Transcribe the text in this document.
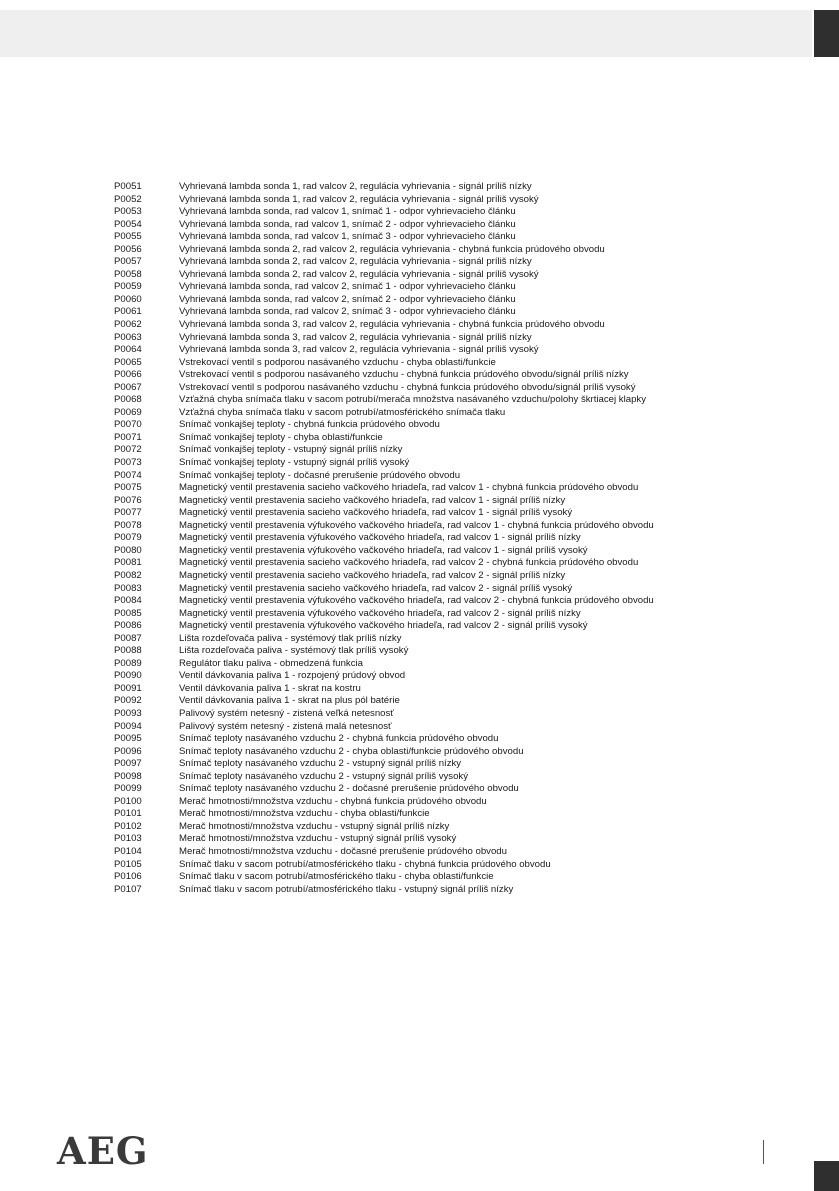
P0051	Vyhrievaná lambda sonda 1, rad valcov 2, regulácia vyhrievania - signál príliš nízky
P0052	Vyhrievaná lambda sonda 1, rad valcov 2, regulácia vyhrievania - signál príliš vysoký
P0053	Vyhrievaná lambda sonda, rad valcov 1, snímač 1 - odpor vyhrievacieho článku
P0054	Vyhrievaná lambda sonda, rad valcov 1, snímač 2 - odpor vyhrievacieho článku
P0055	Vyhrievaná lambda sonda, rad valcov 1, snímač 3 - odpor vyhrievacieho článku
P0056	Vyhrievaná lambda sonda 2, rad valcov 2, regulácia vyhrievania - chybná funkcia prúdového obvodu
P0057	Vyhrievaná lambda sonda 2, rad valcov 2, regulácia vyhrievania - signál príliš nízky
P0058	Vyhrievaná lambda sonda 2, rad valcov 2, regulácia vyhrievania - signál príliš vysoký
P0059	Vyhrievaná lambda sonda, rad valcov 2, snímač 1 - odpor vyhrievacieho článku
P0060	Vyhrievaná lambda sonda, rad valcov 2, snímač 2 - odpor vyhrievacieho článku
P0061	Vyhrievaná lambda sonda, rad valcov 2, snímač 3 - odpor vyhrievacieho článku
P0062	Vyhrievaná lambda sonda 3, rad valcov 2, regulácia vyhrievania - chybná funkcia prúdového obvodu
P0063	Vyhrievaná lambda sonda 3, rad valcov 2, regulácia vyhrievania - signál príliš nízky
P0064	Vyhrievaná lambda sonda 3, rad valcov 2, regulácia vyhrievania - signál príliš vysoký
P0065	Vstrekovací ventil s podporou nasávaného vzduchu - chyba oblasti/funkcie
P0066	Vstrekovací ventil s podporou nasávaného vzduchu - chybná funkcia prúdového obvodu/signál príliš nízky
P0067	Vstrekovací ventil s podporou nasávaného vzduchu - chybná funkcia prúdového obvodu/signál príliš vysoký
P0068	Vzťažná chyba snímača tlaku v sacom potrubí/merača množstva nasávaného vzduchu/polohy škrtiacej klapky
P0069	Vzťažná chyba snímača tlaku v sacom potrubí/atmosférického snímača tlaku
P0070	Snímač vonkajšej teploty - chybná funkcia prúdového obvodu
P0071	Snímač vonkajšej teploty - chyba oblasti/funkcie
P0072	Snímač vonkajšej teploty - vstupný signál príliš nízky
P0073	Snímač vonkajšej teploty - vstupný signál príliš vysoký
P0074	Snímač vonkajšej teploty - dočasné prerušenie prúdového obvodu
P0075	Magnetický ventil prestavenia sacieho vačkového hriadeľa, rad valcov 1 - chybná funkcia prúdového obvodu
P0076	Magnetický ventil prestavenia sacieho vačkového hriadeľa, rad valcov 1 - signál príliš nízky
P0077	Magnetický ventil prestavenia sacieho vačkového hriadeľa, rad valcov 1 - signál príliš vysoký
P0078	Magnetický ventil prestavenia výfukového vačkového hriadeľa, rad valcov 1 - chybná funkcia prúdového obvodu
P0079	Magnetický ventil prestavenia výfukového vačkového hriadeľa, rad valcov 1 - signál príliš nízky
P0080	Magnetický ventil prestavenia výfukového vačkového hriadeľa, rad valcov 1 - signál príliš vysoký
P0081	Magnetický ventil prestavenia sacieho vačkového hriadeľa, rad valcov 2 - chybná funkcia prúdového obvodu
P0082	Magnetický ventil prestavenia sacieho vačkového hriadeľa, rad valcov 2 - signál príliš nízky
P0083	Magnetický ventil prestavenia sacieho vačkového hriadeľa, rad valcov 2 - signál príliš vysoký
P0084	Magnetický ventil prestavenia výfukového vačkového hriadeľa, rad valcov 2 - chybná funkcia prúdového obvodu
P0085	Magnetický ventil prestavenia výfukového vačkového hriadeľa, rad valcov 2 - signál príliš nízky
P0086	Magnetický ventil prestavenia výfukového vačkového hriadeľa, rad valcov 2 - signál príliš vysoký
P0087	Lišta rozdeľovača paliva - systémový tlak príliš nízky
P0088	Lišta rozdeľovača paliva - systémový tlak príliš vysoký
P0089	Regulátor tlaku paliva - obmedzená funkcia
P0090	Ventil dávkovania paliva 1 - rozpojený prúdový obvod
P0091	Ventil dávkovania paliva 1 - skrat na kostru
P0092	Ventil dávkovania paliva 1 - skrat na plus pól batérie
P0093	Palivový systém netesný - zistená veľká netesnosť
P0094	Palivový systém netesný - zistená malá netesnosť
P0095	Snímač teploty nasávaného vzduchu 2 - chybná funkcia prúdového obvodu
P0096	Snímač teploty nasávaného vzduchu 2 - chyba oblasti/funkcie prúdového obvodu
P0097	Snímač teploty nasávaného vzduchu 2 - vstupný signál príliš nízky
P0098	Snímač teploty nasávaného vzduchu 2 - vstupný signál príliš vysoký
P0099	Snímač teploty nasávaného vzduchu 2 - dočasné prerušenie prúdového obvodu
P0100	Merač hmotnosti/množstva vzduchu - chybná funkcia prúdového obvodu
P0101	Merač hmotnosti/množstva vzduchu - chyba oblasti/funkcie
P0102	Merač hmotnosti/množstva vzduchu - vstupný signál príliš nízky
P0103	Merač hmotnosti/množstva vzduchu - vstupný signál príliš vysoký
P0104	Merač hmotnosti/množstva vzduchu - dočasné prerušenie prúdového obvodu
P0105	Snímač tlaku v sacom potrubí/atmosférického tlaku - chybná funkcia prúdového obvodu
P0106	Snímač tlaku v sacom potrubí/atmosférického tlaku - chyba oblasti/funkcie
P0107	Snímač tlaku v sacom potrubí/atmosférického tlaku - vstupný signál príliš nízky
AEG
